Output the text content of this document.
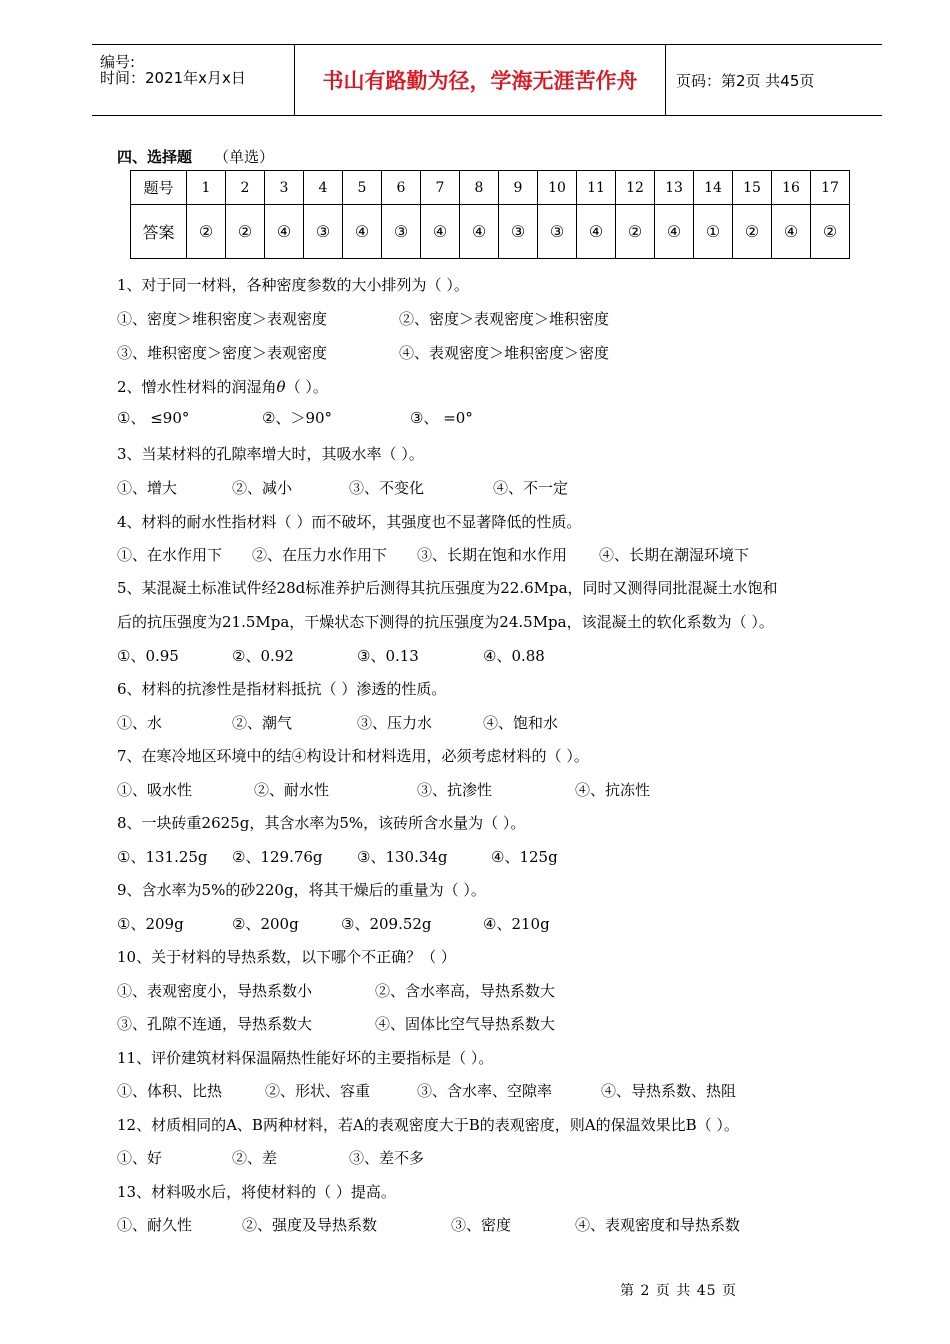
编号:
时间：2021年x月x日	书山有路勤为径，学海无涯苦作舟	页码：第2页 共45页
四、选择题 （单选）
题号	1	2	3	4	5	6	7	8	9	10	11	12	13	14	15	16	17
答案	②	②	④	③	④	③	④	④	③	③	④	②	④	①	②	④	②
1、对于同一材料，各种密度参数的大小排列为（ ）。
①、密度＞堆积密度＞表观密度	②、密度＞表观密度＞堆积密度
③、堆积密度＞密度＞表观密度	④、表观密度＞堆积密度＞密度
2、憎水性材料的润湿角θ（ ）。
①、 ≤90°	②、＞90°	③、 =0°
3、当某材料的孔隙率增大时，其吸水率（ ）。
①、增大	②、减小	③、不变化	④、不一定
4、材料的耐水性指材料（ ）而不破坏，其强度也不显著降低的性质。
①、在水作用下 ②、在压力水作用下 ③、长期在饱和水作用 ④、长期在潮湿环境下
5、某混凝土标准试件经28d标准养护后测得其抗压强度为22.6Mpa，同时又测得同批混凝土水饱和
后的抗压强度为21.5Mpa，干燥状态下测得的抗压强度为24.5Mpa，该混凝土的软化系数为（ ）。
①、0.95	②、0.92	③、0.13	④、0.88
6、材料的抗渗性是指材料抵抗（ ）渗透的性质。
①、水	②、潮气	③、压力水	④、饱和水
7、在寒冷地区环境中的结④构设计和材料选用，必须考虑材料的（ ）。
①、吸水性	②、耐水性	③、抗渗性	④、抗冻性
8、一块砖重2625g，其含水率为5%，该砖所含水量为（ ）。
①、131.25g ②、129.76g ③、130.34g	④、125g
9、含水率为5%的砂220g，将其干燥后的重量为（ ）。
①、209g	②、200g	③、209.52g	④、210g
10、关于材料的导热系数，以下哪个不正确？（ ）
①、表观密度小，导热系数小	②、含水率高，导热系数大
③、孔隙不连通，导热系数大	④、固体比空气导热系数大
11、评价建筑材料保温隔热性能好坏的主要指标是（ ）。
①、体积、比热	②、形状、容重	③、含水率、空隙率	④、导热系数、热阻
12、材质相同的A、B两种材料，若A的表观密度大于B的表观密度，则A的保温效果比B（ ）。
①、好	②、差	③、差不多
13、材料吸水后，将使材料的（ ）提高。
①、耐久性	②、强度及导热系数	③、密度	④、表观密度和导热系数
第 2 页 共 45 页
